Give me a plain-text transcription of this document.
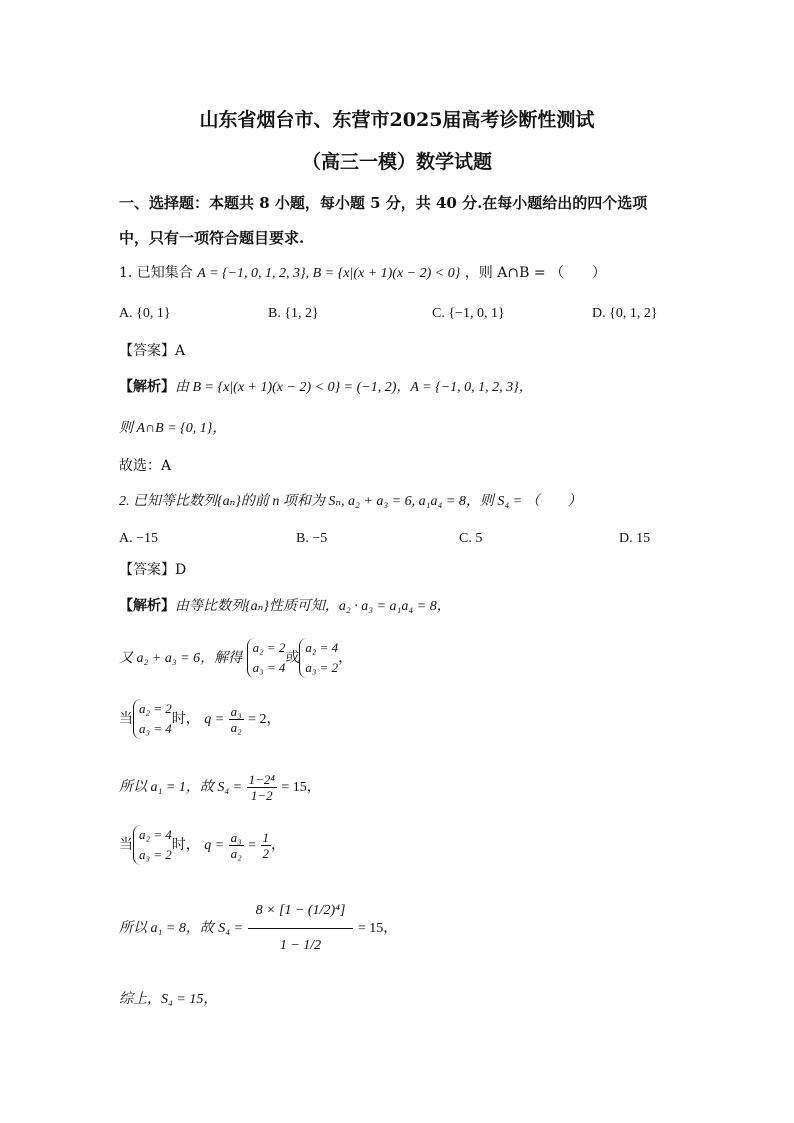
山东省烟台市、东营市2025届高考诊断性测试
（高三一模）数学试题
一、选择题：本题共 8 小题，每小题 5 分，共 40 分.在每小题给出的四个选项
中，只有一项符合题目要求.
1. 已知集合 A = {−1, 0, 1, 2, 3}, B = {x|(x + 1)(x − 2) < 0} ，则 A∩B = （　　）
A. {0, 1}	B. {1, 2}	C. {−1, 0, 1}	D. {0, 1, 2}
【答案】A
【解析】由 B = {x|(x + 1)(x − 2) < 0} = (−1, 2)，A = {−1, 0, 1, 2, 3}，
则 A∩B = {0, 1}，
故选：A
2. 已知等比数列{aₙ}的前 n 项和为 Sₙ, a₂ + a₃ = 6, a₁a₄ = 8，则 S₄ = （　　）
A. −15	B. −5	C. 5	D. 15
【答案】D
【解析】由等比数列{aₙ}性质可知，a₂ · a₃ = a₁a₄ = 8，
又 a₂ + a₃ = 6，解得
a₂ = 2
a₃ = 4
或
a₂ = 4
a₃ = 2
，
当
a₂ = 2
a₃ = 4
时， $q = \frac{\text{a₃}}{\text{a₂}} = 2$，
所以 a₁ = 1，故 $S_4 = \frac{\text{1−2⁴}}{1-2} = 15$，
当
a₂ = 4
a₃ = 2
时， $q = \frac{\text{a₃}}{\text{a₂}} = \frac{1}{2}$ ，
所以 a₁ = 8，故 $S_4 = \frac{\text{8 × [1 − (1/2)⁴]}}{1 - 1/2} = 15$，
综上，S₄ = 15，
